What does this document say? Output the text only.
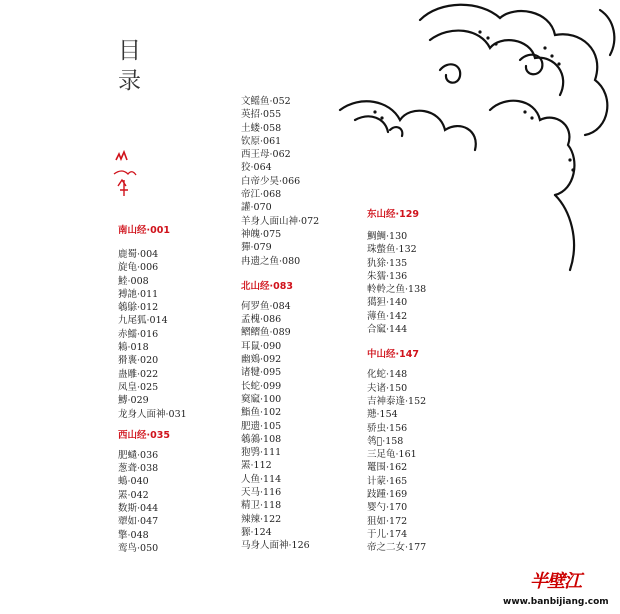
目录
南山经·001
鹿蜀·004
旋龟·006
鯥·008
猼訑·011
鵸鵌·012
九尾狐·014
赤鱬·016
鴸·018
猾褢·020
蛊雕·022
凤皇·025
鱄·029
龙身人面神·031
西山经·035
肥𧔥·036
葱聋·038
䳋·040
罴·042
数斯·044
㹕如·047
擎·048
鸾鸟·050
文鳐鱼·052
英招·055
土蝼·058
钦原·061
西王母·062
狡·064
白帝少昊·066
帝江·068
讙·070
羊身人面山神·072
神魄·075
㺗·079
冉遗之鱼·080
北山经·083
何罗鱼·084
孟槐·086
鳛鳛鱼·089
耳鼠·090
幽鴳·092
诸犍·095
长蛇·099
窫窳·100
鮨鱼·102
肥遗·105
鵸䳜·108
狍鸮·111
罴·112
人鱼·114
天马·116
精卫·118
辣辣·122
獂·124
马身人面神·126
东山经·129
鯛鯛·130
珠蟞鱼·132
犰狳·135
朱獳·136
軨軨之鱼·138
獦狚·140
薄鱼·142
合窳·144
中山经·147
化蛇·148
夫诸·150
吉神泰逢·152
䍺·154
骄虫·156
鸰𪃱·158
三足龟·161
鼍围·162
计蒙·165
跂踵·169
婴勺·170
狙如·172
于儿·174
帝之二女·177
半壁江
www.banbijiang.com
